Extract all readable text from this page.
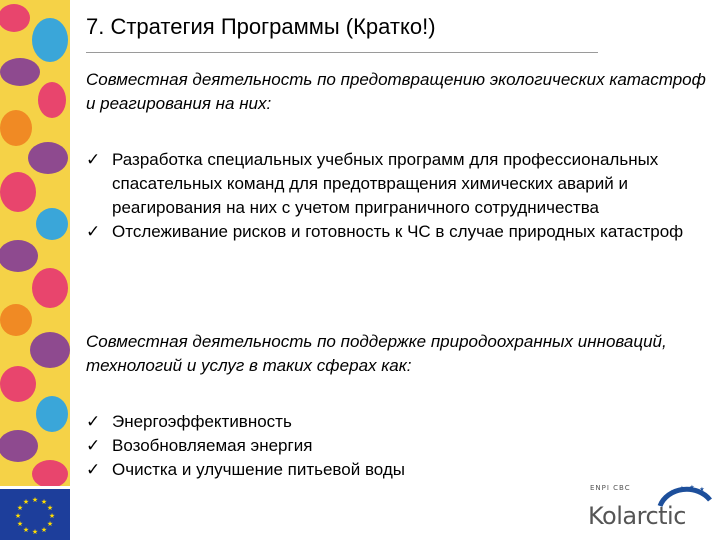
★ ★
★
★
★
★
★
★
★
★
★
★
7. Стратегия Программы (Кратко!)
Совместная деятельность по предотвращению экологических катастроф и реагирования на них:
✓ Разработка специальных учебных программ для профессиональных спасательных команд для предотвращения химических аварий и реагирования на них с учетом приграничного сотрудничества
✓ Отслеживание рисков и готовность к ЧС в случае природных катастроф
Совместная деятельность по поддержке природоохранных инноваций, технологий и услуг в таких сферах как:
✓ Энергоэффективность
✓ Возобновляемая энергия
✓ Очистка и улучшение питьевой воды
★
★ ★ ★
ENPI CBC
Kolarctic
